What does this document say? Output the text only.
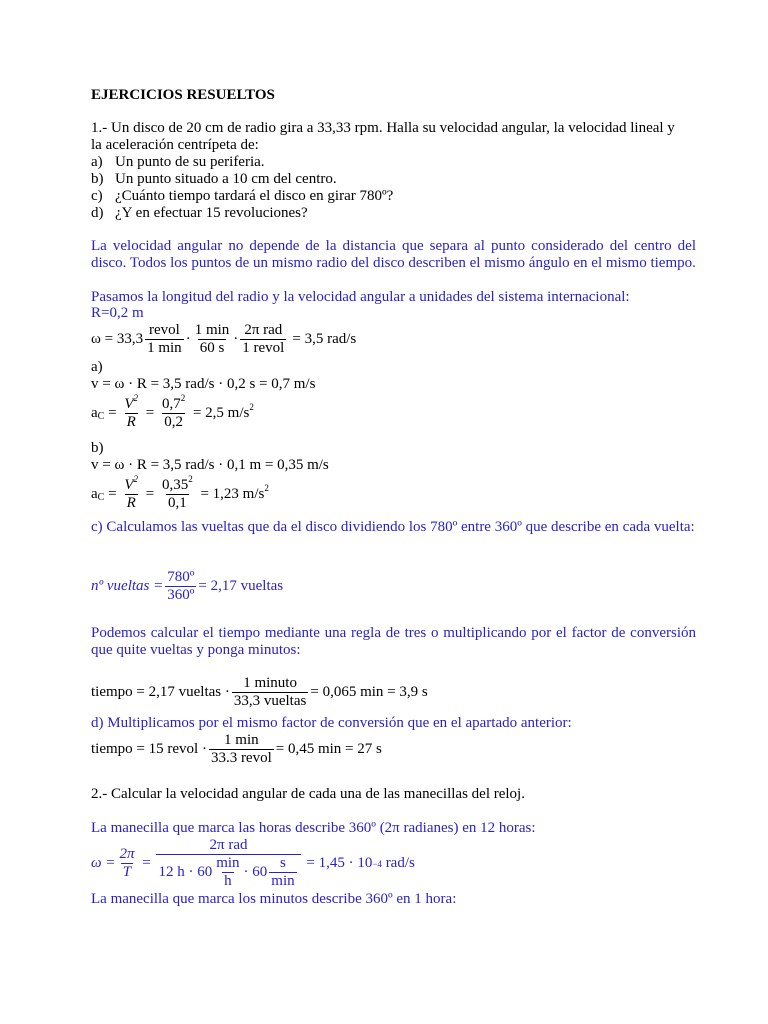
EJERCICIOS RESUELTOS
1.- Un disco de 20 cm de radio gira a 33,33 rpm. Halla su velocidad angular, la velocidad lineal y
la aceleración centrípeta de:
a) Un punto de su periferia.
b) Un punto situado a 10 cm del centro.
c) ¿Cuánto tiempo tardará el disco en girar 780º?
d) ¿Y en efectuar 15 revoluciones?
La velocidad angular no depende de la distancia que separa al punto considerado del centro del disco. Todos los puntos de un mismo radio del disco describen el mismo ángulo en el mismo tiempo.
Pasamos la longitud del radio y la velocidad angular a unidades del sistema internacional:
R=0,2 m
$\omega = 33,3 \frac{\text{revol}}{1 \min} \cdot \frac{1 \min}{60 s} \cdot \frac{\text{2π rad}}{\text{1 revol}} = 3,5$ rad/s
a)
v = ω · R = 3,5 rad/s · 0,2 s = 0,7 m/s
a $C = \frac{V^2}{R} = \frac{0,7^2}{0,2}$
= 2,5 $m/s^2$
b)
v = ω · R = 3,5 rad/s · 0,1 m = 0,35 m/s
a $C = \frac{V^2}{R} = \frac{0,35^2}{0,1}$
= 1,23 $m/s^2$
c) Calculamos las vueltas que da el disco dividiendo los 780º entre 360º que describe en cada vuelta:
nº vueltas = $\frac{\text{780º}}{\text{360º}} = 2,17$ vueltas
Podemos calcular el tiempo mediante una regla de tres o multiplicando por el factor de conversión que quite vueltas y ponga minutos:
tiempo = 2,17 vueltas · $\frac{\text{1 minuto}}{\text{33,3 vueltas}} = 0,065$ min = 3,9 s
d) Multiplicamos por el mismo factor de conversión que en el apartado anterior:
tiempo = 15 revol · $\frac{1 \min}{\text{33.3 revol}} = 0,45$ min = 27 s
2.- Calcular la velocidad angular de cada una de las manecillas del reloj.
La manecilla que marca las horas describe 360º (2π radianes) en 12 horas:
$\omega = \frac{2\pi}{T}$ =
2π rad
12 $h \cdot 60 \frac{\min}{h} \cdot 60 \frac{s}{\min}$
= 1,45 · 10 −4
rad/s
La manecilla que marca los minutos describe 360º en 1 hora:
